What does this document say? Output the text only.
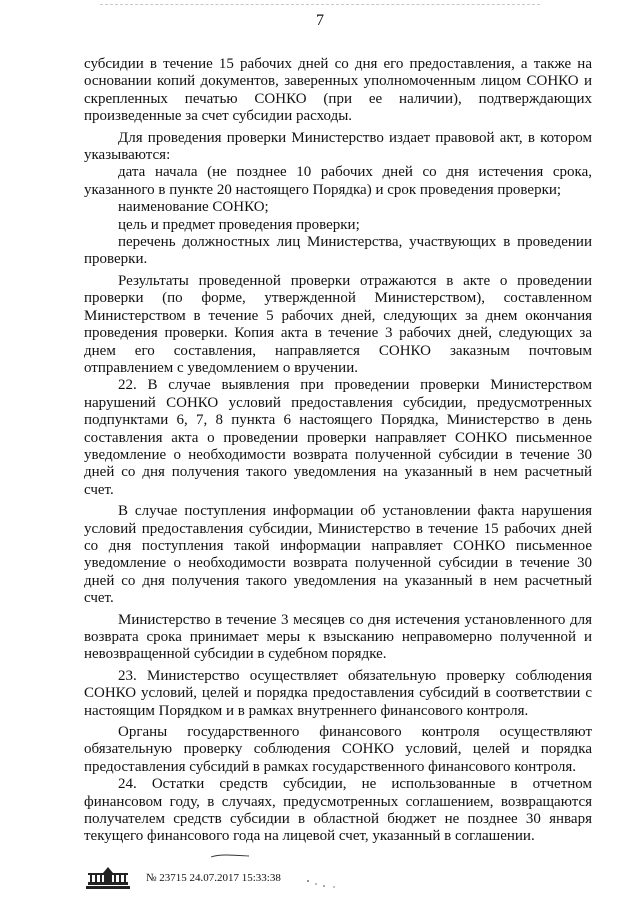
7

субсидии в течение 15 рабочих дней со дня его предоставления, а также на основании копий документов, заверенных уполномоченным лицом СОНКО и скрепленных печатью СОНКО (при ее наличии), подтверждающих произведенные за счет субсидии расходы.

Для проведения проверки Министерство издает правовой акт, в котором указываются:

дата начала (не позднее 10 рабочих дней со дня истечения срока, указанного в пункте 20 настоящего Порядка) и срок проведения проверки;

наименование СОНКО;

цель и предмет проведения проверки;

перечень должностных лиц Министерства, участвующих в проведении проверки.

Результаты проведенной проверки отражаются в акте о проведении проверки (по форме, утвержденной Министерством), составленном Министерством в течение 5 рабочих дней, следующих за днем окончания проведения проверки. Копия акта в течение 3 рабочих дней, следующих за днем его составления, направляется СОНКО заказным почтовым отправлением с уведомлением о вручении.

22. В случае выявления при проведении проверки Министерством нарушений СОНКО условий предоставления субсидии, предусмотренных подпунктами 6, 7, 8 пункта 6 настоящего Порядка, Министерство в день составления акта о проведении проверки направляет СОНКО письменное уведомление о необходимости возврата полученной субсидии в течение 30 дней со дня получения такого уведомления на указанный в нем расчетный счет.

В случае поступления информации об установлении факта нарушения условий предоставления субсидии, Министерство в течение 15 рабочих дней со дня поступления такой информации направляет СОНКО письменное уведомление о необходимости возврата полученной субсидии в течение 30 дней со дня получения такого уведомления на указанный в нем расчетный счет.

Министерство в течение 3 месяцев со дня истечения установленного для возврата срока принимает меры к взысканию неправомерно полученной и невозвращенной субсидии в судебном порядке.

23. Министерство осуществляет обязательную проверку соблюдения СОНКО условий, целей и порядка предоставления субсидий в соответствии с настоящим Порядком и в рамках внутреннего финансового контроля.

Органы государственного финансового контроля осуществляют обязательную проверку соблюдения СОНКО условий, целей и порядка предоставления субсидий в рамках государственного финансового контроля.

24. Остатки средств субсидии, не использованные в отчетном финансовом году, в случаях, предусмотренных соглашением, возвращаются получателем средств субсидии в областной бюджет не позднее 30 января текущего финансового года на лицевой счет, указанный в соглашении.

№ 23715 24.07.2017 15:33:38
